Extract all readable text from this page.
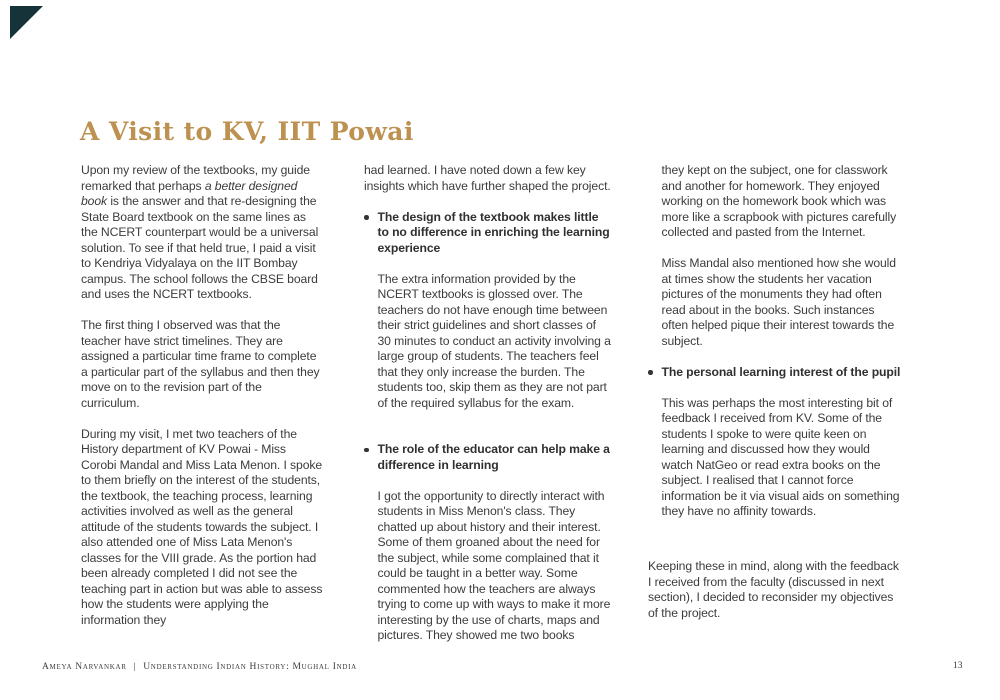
A Visit to KV, IIT Powai

Upon my review of the textbooks, my guide remarked that perhaps a better designed book is the answer and that re-designing the State Board textbook on the same lines as the NCERT counterpart would be a universal solution. To see if that held true, I paid a visit to Kendriya Vidyalaya on the IIT Bombay campus. The school follows the CBSE board and uses the NCERT textbooks.

The first thing I observed was that the teacher have strict timelines. They are assigned a particular time frame to complete a particular part of the syllabus and then they move on to the revision part of the curriculum.

During my visit, I met two teachers of the History department of KV Powai - Miss Corobi Mandal and Miss Lata Menon. I spoke to them briefly on the interest of the students, the textbook, the teaching process, learning activities involved as well as the general attitude of the students towards the subject. I also attended one of Miss Lata Menon's classes for the VIII grade. As the portion had been already completed I did not see the teaching part in action but was able to assess how the students were applying the information they

had learned. I have noted down a few key insights which have further shaped the project.

The design of the textbook makes little to no difference in enriching the learning experience

The extra information provided by the NCERT textbooks is glossed over. The teachers do not have enough time between their strict guidelines and short classes of 30 minutes to conduct an activity involving a large group of students. The teachers feel that they only increase the burden. The students too, skip them as they are not part of the required syllabus for the exam.

The role of the educator can help make a difference in learning

I got the opportunity to directly interact with students in Miss Menon's class. They chatted up about history and their interest. Some of them groaned about the need for the subject, while some complained that it could be taught in a better way. Some commented how the teachers are always trying to come up with ways to make it more interesting by the use of charts, maps and pictures. They showed me two books

they kept on the subject, one for classwork and another for homework. They enjoyed working on the homework book which was more like a scrapbook with pictures carefully collected and pasted from the Internet.

Miss Mandal also mentioned how she would at times show the students her vacation pictures of the monuments they had often read about in the books. Such instances often helped pique their interest towards the subject.

The personal learning interest of the pupil

This was perhaps the most interesting bit of feedback I received from KV. Some of the students I spoke to were quite keen on learning and discussed how they would watch NatGeo or read extra books on the subject. I realised that I cannot force information be it via visual aids on something they have no affinity towards.

Keeping these in mind, along with the feedback I received from the faculty (discussed in next section), I decided to reconsider my objectives of the project.

Ameya Narvankar | Understanding Indian History: Mughal India	13
